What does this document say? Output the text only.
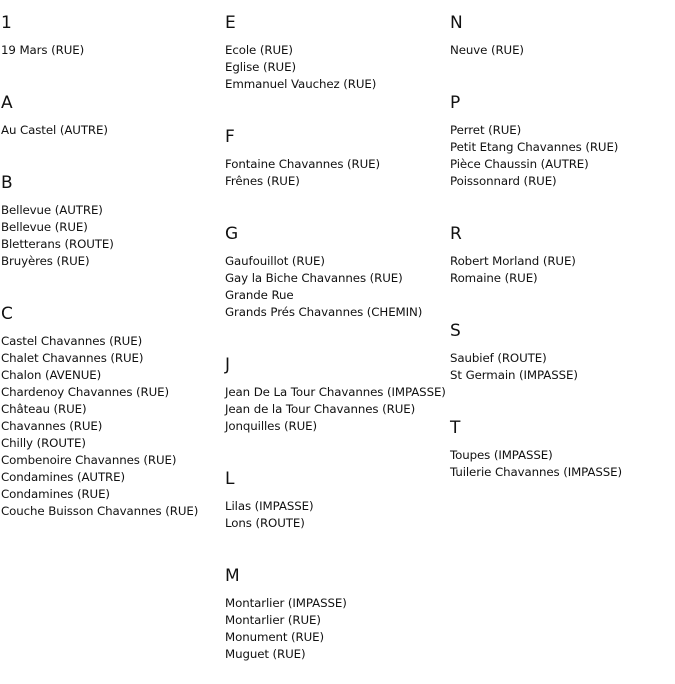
1
19 Mars (RUE)
A
Au Castel (AUTRE)
B
Bellevue (AUTRE)
Bellevue (RUE)
Bletterans (ROUTE)
Bruyères (RUE)
C
Castel Chavannes (RUE)
Chalet Chavannes (RUE)
Chalon (AVENUE)
Chardenoy Chavannes (RUE)
Château (RUE)
Chavannes (RUE)
Chilly (ROUTE)
Combenoire Chavannes (RUE)
Condamines (AUTRE)
Condamines (RUE)
Couche Buisson Chavannes (RUE)
E
Ecole (RUE)
Eglise (RUE)
Emmanuel Vauchez (RUE)
F
Fontaine Chavannes (RUE)
Frênes (RUE)
G
Gaufouillot (RUE)
Gay la Biche Chavannes (RUE)
Grande Rue
Grands Prés Chavannes (CHEMIN)
J
Jean De La Tour Chavannes (IMPASSE)
Jean de la Tour Chavannes (RUE)
Jonquilles (RUE)
L
Lilas (IMPASSE)
Lons (ROUTE)
M
Montarlier (IMPASSE)
Montarlier (RUE)
Monument (RUE)
Muguet (RUE)
N
Neuve (RUE)
P
Perret (RUE)
Petit Etang Chavannes (RUE)
Pièce Chaussin (AUTRE)
Poissonnard (RUE)
R
Robert Morland (RUE)
Romaine (RUE)
S
Saubief (ROUTE)
St Germain (IMPASSE)
T
Toupes (IMPASSE)
Tuilerie Chavannes (IMPASSE)
